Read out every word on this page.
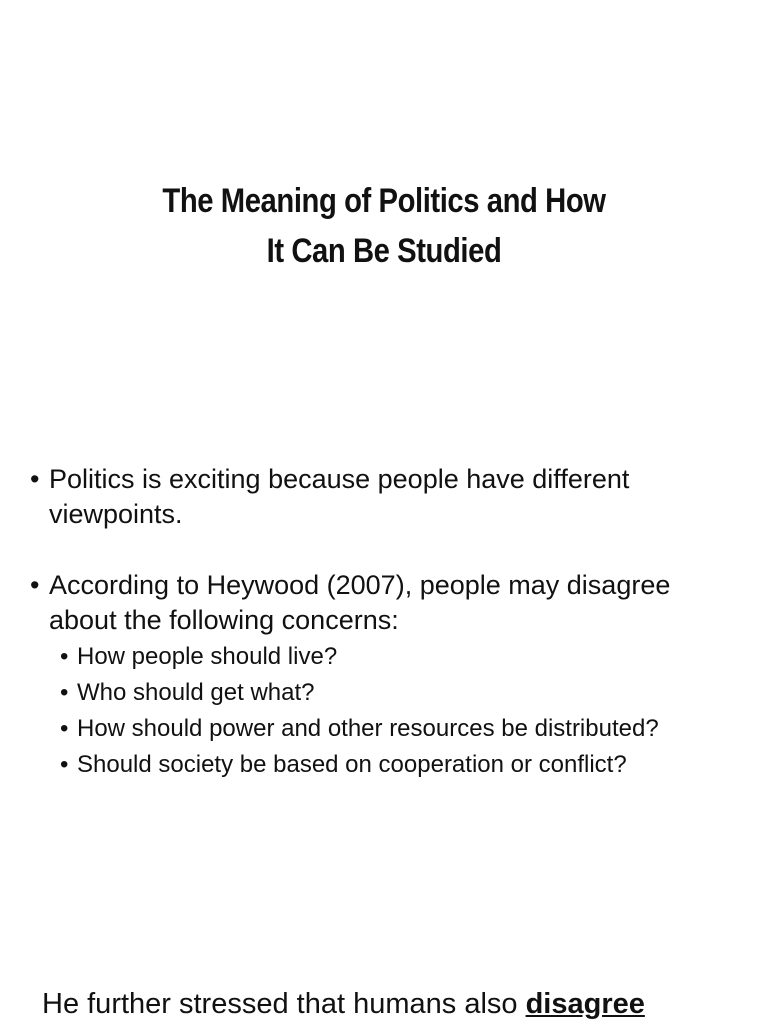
The Meaning of Politics and How
It Can Be Studied
• Politics is exciting because people have different viewpoints.
• According to Heywood (2007), people may disagree about the following concerns:
• How people should live?
• Who should get what?
• How should power and other resources be distributed?
• Should society be based on cooperation or conflict?
He further stressed that humans also disagree
